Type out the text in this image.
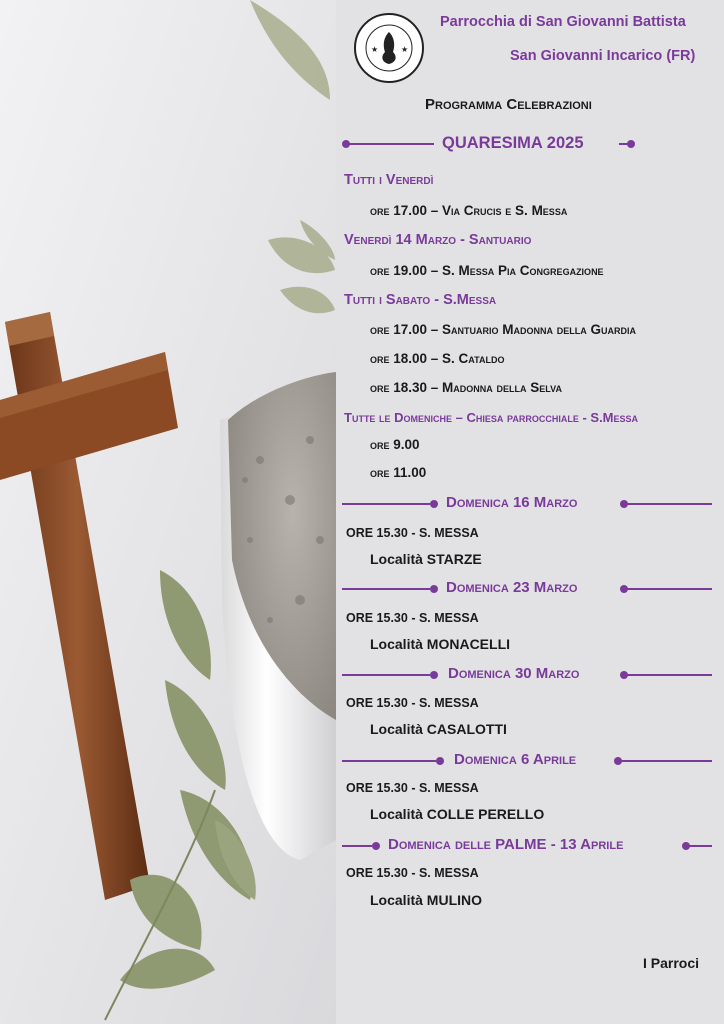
★	★
Parrocchia di San Giovanni Battista
San Giovanni Incarico (FR)
Programma Celebrazioni
QUARESIMA 2025
Tutti i Venerdì
ore 17.00 – Via Crucis e S. Messa
Venerdì 14 Marzo - Santuario
ore 19.00 – S. Messa Pia Congregazione
Tutti i Sabato - S.Messa
ore 17.00 – Santuario Madonna della Guardia
ore 18.00 – S. Cataldo
ore 18.30 – Madonna della Selva
Tutte le Domeniche – Chiesa parrocchiale - S.Messa
ore 9.00
ore 11.00
Domenica 16 Marzo
ORE 15.30 - S. MESSA
Località STARZE
Domenica 23 Marzo
ORE 15.30 - S. MESSA
Località MONACELLI
Domenica 30 Marzo
ORE 15.30 - S. MESSA
Località CASALOTTI
Domenica 6 Aprile
ORE 15.30 - S. MESSA
Località COLLE PERELLO
Domenica delle PALME - 13 Aprile
ORE 15.30 - S. MESSA
Località MULINO
I Parroci
